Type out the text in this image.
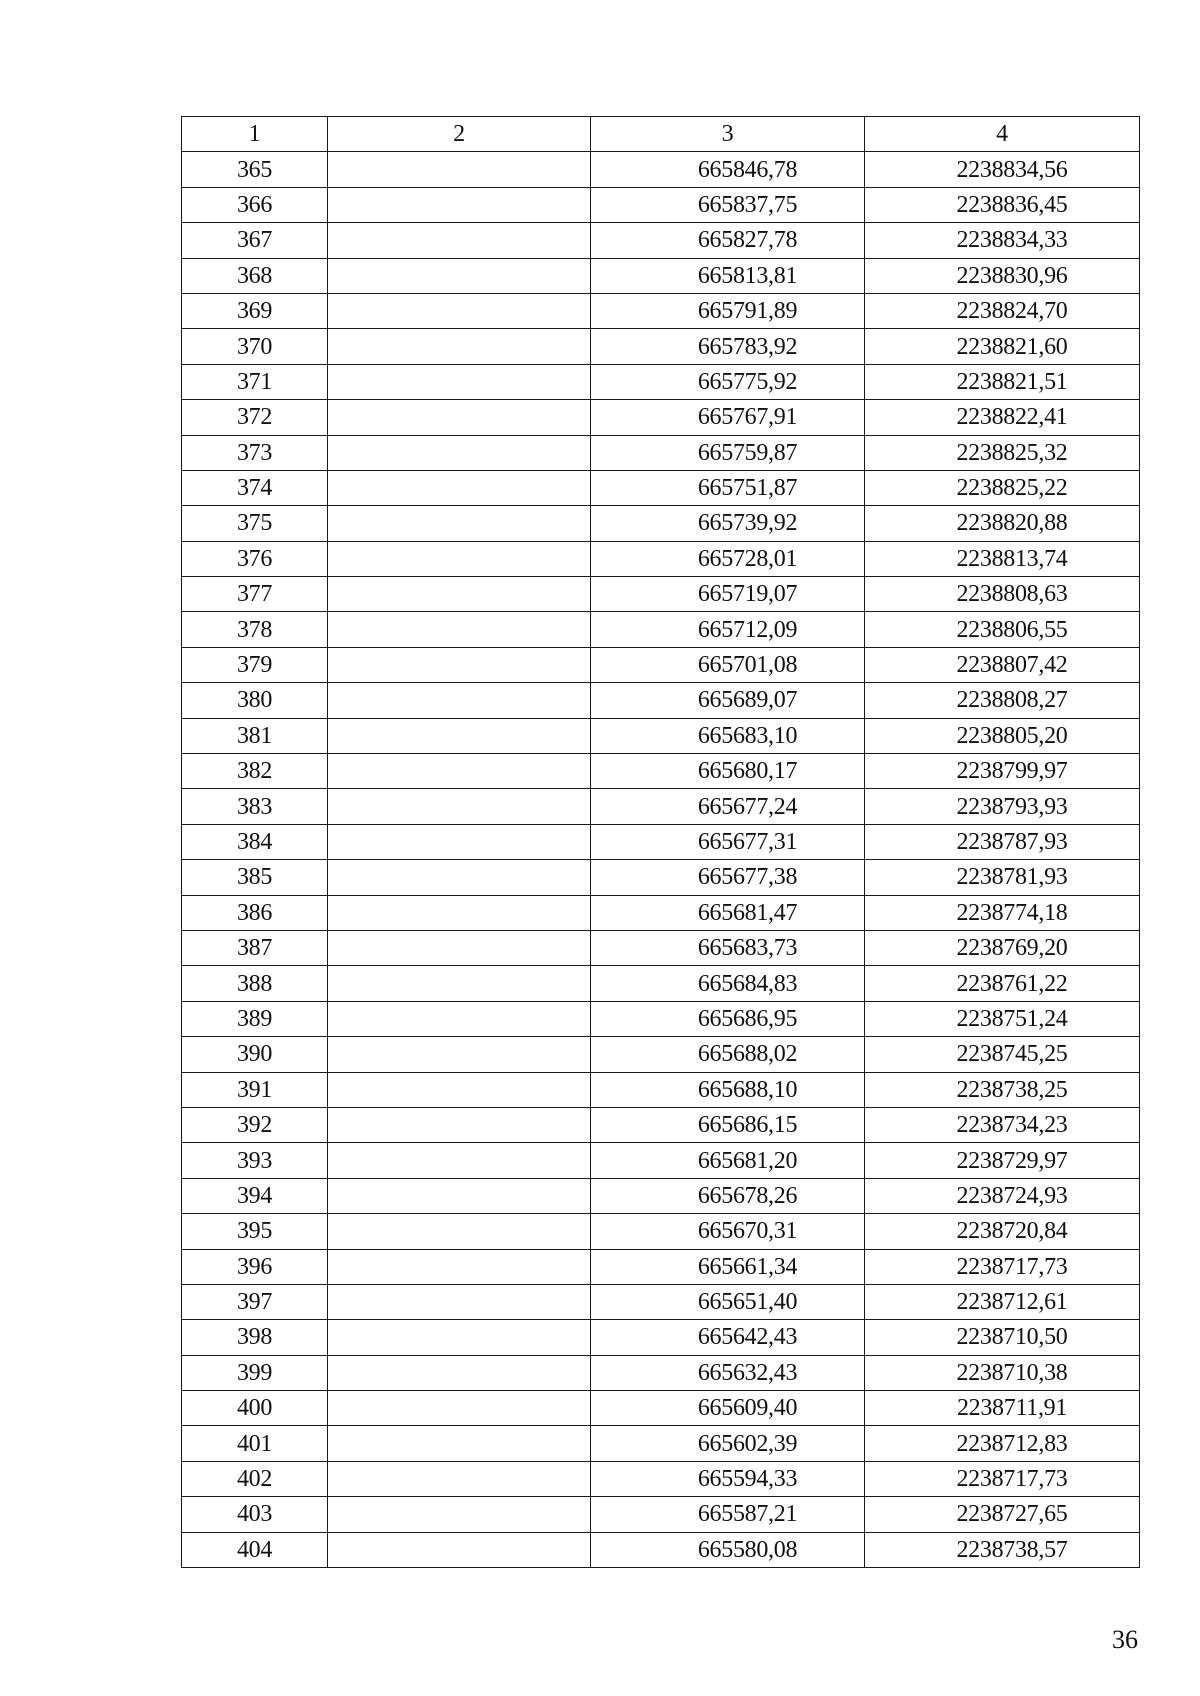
1	2	3	4
365		665846,78	2238834,56
366		665837,75	2238836,45
367		665827,78	2238834,33
368		665813,81	2238830,96
369		665791,89	2238824,70
370		665783,92	2238821,60
371		665775,92	2238821,51
372		665767,91	2238822,41
373		665759,87	2238825,32
374		665751,87	2238825,22
375		665739,92	2238820,88
376		665728,01	2238813,74
377		665719,07	2238808,63
378		665712,09	2238806,55
379		665701,08	2238807,42
380		665689,07	2238808,27
381		665683,10	2238805,20
382		665680,17	2238799,97
383		665677,24	2238793,93
384		665677,31	2238787,93
385		665677,38	2238781,93
386		665681,47	2238774,18
387		665683,73	2238769,20
388		665684,83	2238761,22
389		665686,95	2238751,24
390		665688,02	2238745,25
391		665688,10	2238738,25
392		665686,15	2238734,23
393		665681,20	2238729,97
394		665678,26	2238724,93
395		665670,31	2238720,84
396		665661,34	2238717,73
397		665651,40	2238712,61
398		665642,43	2238710,50
399		665632,43	2238710,38
400		665609,40	2238711,91
401		665602,39	2238712,83
402		665594,33	2238717,73
403		665587,21	2238727,65
404		665580,08	2238738,57
36
